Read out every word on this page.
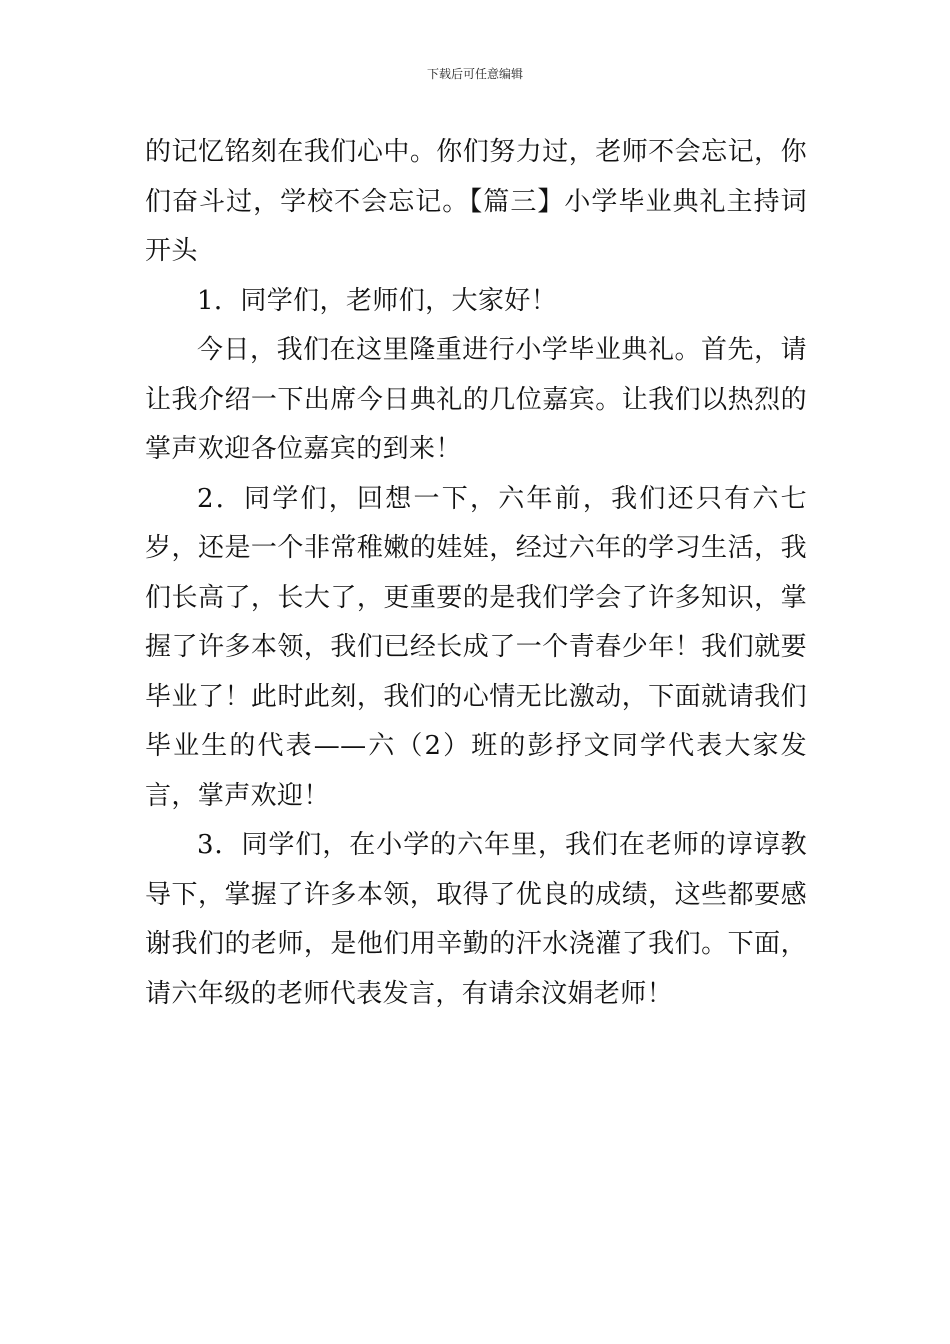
下载后可任意编辑

的记忆铭刻在我们心中。你们努力过，老师不会忘记，你们奋斗过，学校不会忘记。【篇三】小学毕业典礼主持词开头

1．同学们，老师们，大家好！

今日，我们在这里隆重进行小学毕业典礼。首先，请让我介绍一下出席今日典礼的几位嘉宾。让我们以热烈的掌声欢迎各位嘉宾的到来！

2．同学们，回想一下，六年前，我们还只有六七岁，还是一个非常稚嫩的娃娃，经过六年的学习生活，我们长高了，长大了，更重要的是我们学会了许多知识，掌握了许多本领，我们已经长成了一个青春少年！我们就要毕业了！此时此刻，我们的心情无比激动，下面就请我们毕业生的代表——六（2）班的彭抒文同学代表大家发言，掌声欢迎！

3．同学们，在小学的六年里，我们在老师的谆谆教导下，掌握了许多本领，取得了优良的成绩，这些都要感谢我们的老师，是他们用辛勤的汗水浇灌了我们。下面，请六年级的老师代表发言，有请余汶娟老师！
